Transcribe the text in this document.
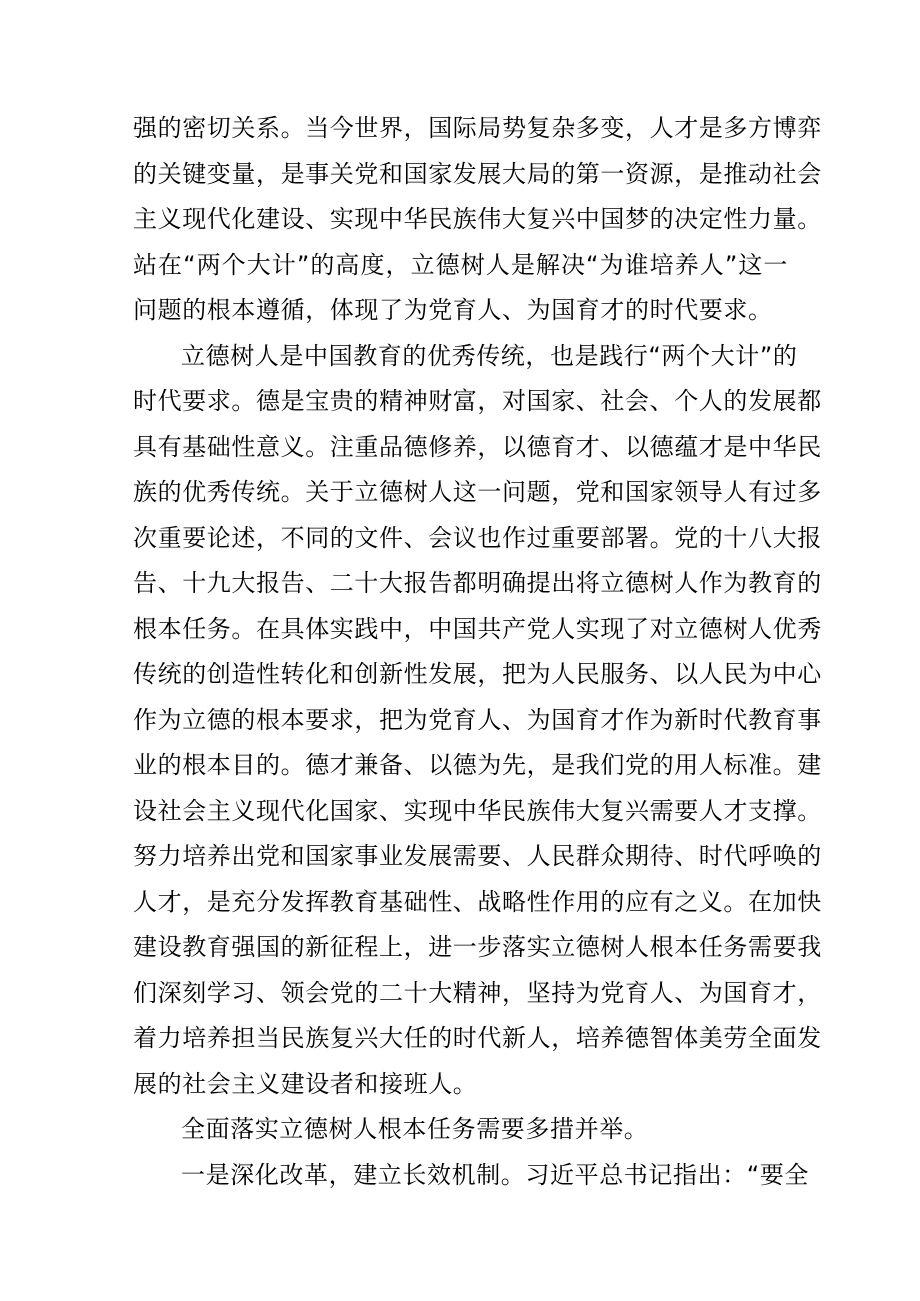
强的密切关系。当今世界，国际局势复杂多变，人才是多方博弈
的关键变量，是事关党和国家发展大局的第一资源，是推动社会
主义现代化建设、实现中华民族伟大复兴中国梦的决定性力量。
站在“两个大计”的高度，立德树人是解决“为谁培养人”这一
问题的根本遵循，体现了为党育人、为国育才的时代要求。
立德树人是中国教育的优秀传统，也是践行“两个大计”的
时代要求。德是宝贵的精神财富，对国家、社会、个人的发展都
具有基础性意义。注重品德修养，以德育才、以德蕴才是中华民
族的优秀传统。关于立德树人这一问题，党和国家领导人有过多
次重要论述，不同的文件、会议也作过重要部署。党的十八大报
告、十九大报告、二十大报告都明确提出将立德树人作为教育的
根本任务。在具体实践中，中国共产党人实现了对立德树人优秀
传统的创造性转化和创新性发展，把为人民服务、以人民为中心
作为立德的根本要求，把为党育人、为国育才作为新时代教育事
业的根本目的。德才兼备、以德为先，是我们党的用人标准。建
设社会主义现代化国家、实现中华民族伟大复兴需要人才支撑。
努力培养出党和国家事业发展需要、人民群众期待、时代呼唤的
人才，是充分发挥教育基础性、战略性作用的应有之义。在加快
建设教育强国的新征程上，进一步落实立德树人根本任务需要我
们深刻学习、领会党的二十大精神，坚持为党育人、为国育才，
着力培养担当民族复兴大任的时代新人，培养德智体美劳全面发
展的社会主义建设者和接班人。
全面落实立德树人根本任务需要多措并举。
一是深化改革，建立长效机制。习近平总书记指出：“要全
